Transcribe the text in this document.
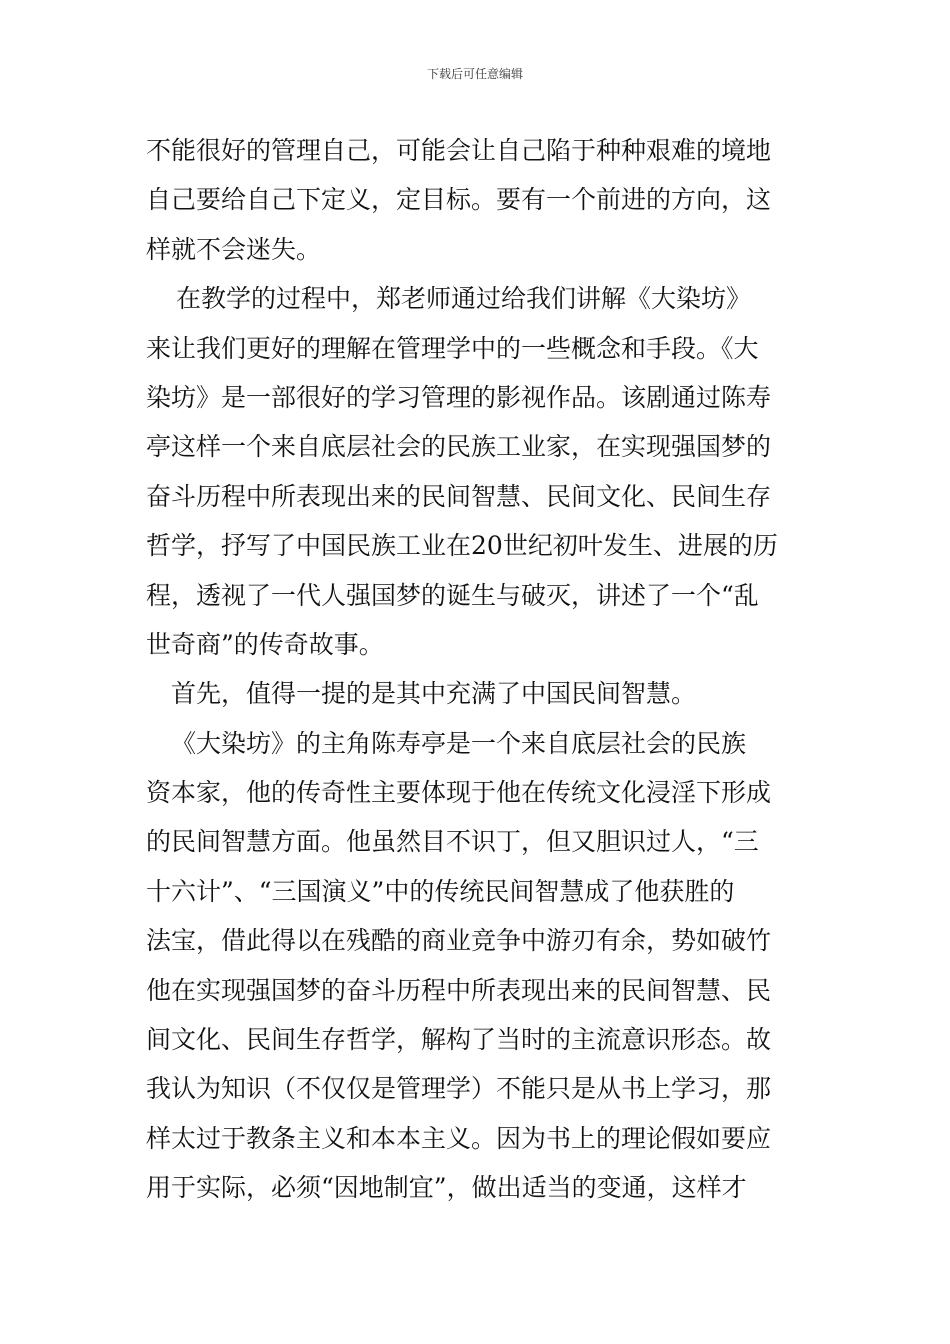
下载后可任意编辑
不能很好的管理自己，可能会让自己陷于种种艰难的境地
自己要给自己下定义，定目标。要有一个前进的方向，这
样就不会迷失。
在教学的过程中，郑老师通过给我们讲解《大染坊》
来让我们更好的理解在管理学中的一些概念和手段。《大
染坊》是一部很好的学习管理的影视作品。该剧通过陈寿
亭这样一个来自底层社会的民族工业家，在实现强国梦的
奋斗历程中所表现出来的民间智慧、民间文化、民间生存
哲学，抒写了中国民族工业在20世纪初叶发生、进展的历
程，透视了一代人强国梦的诞生与破灭，讲述了一个“乱
世奇商”的传奇故事。
首先，值得一提的是其中充满了中国民间智慧。
《大染坊》的主角陈寿亭是一个来自底层社会的民族
资本家，他的传奇性主要体现于他在传统文化浸淫下形成
的民间智慧方面。他虽然目不识丁，但又胆识过人，“三
十六计”、“三国演义”中的传统民间智慧成了他获胜的
法宝，借此得以在残酷的商业竞争中游刃有余，势如破竹
他在实现强国梦的奋斗历程中所表现出来的民间智慧、民
间文化、民间生存哲学，解构了当时的主流意识形态。故
我认为知识（不仅仅是管理学）不能只是从书上学习，那
样太过于教条主义和本本主义。因为书上的理论假如要应
用于实际，必须“因地制宜”，做出适当的变通，这样才
